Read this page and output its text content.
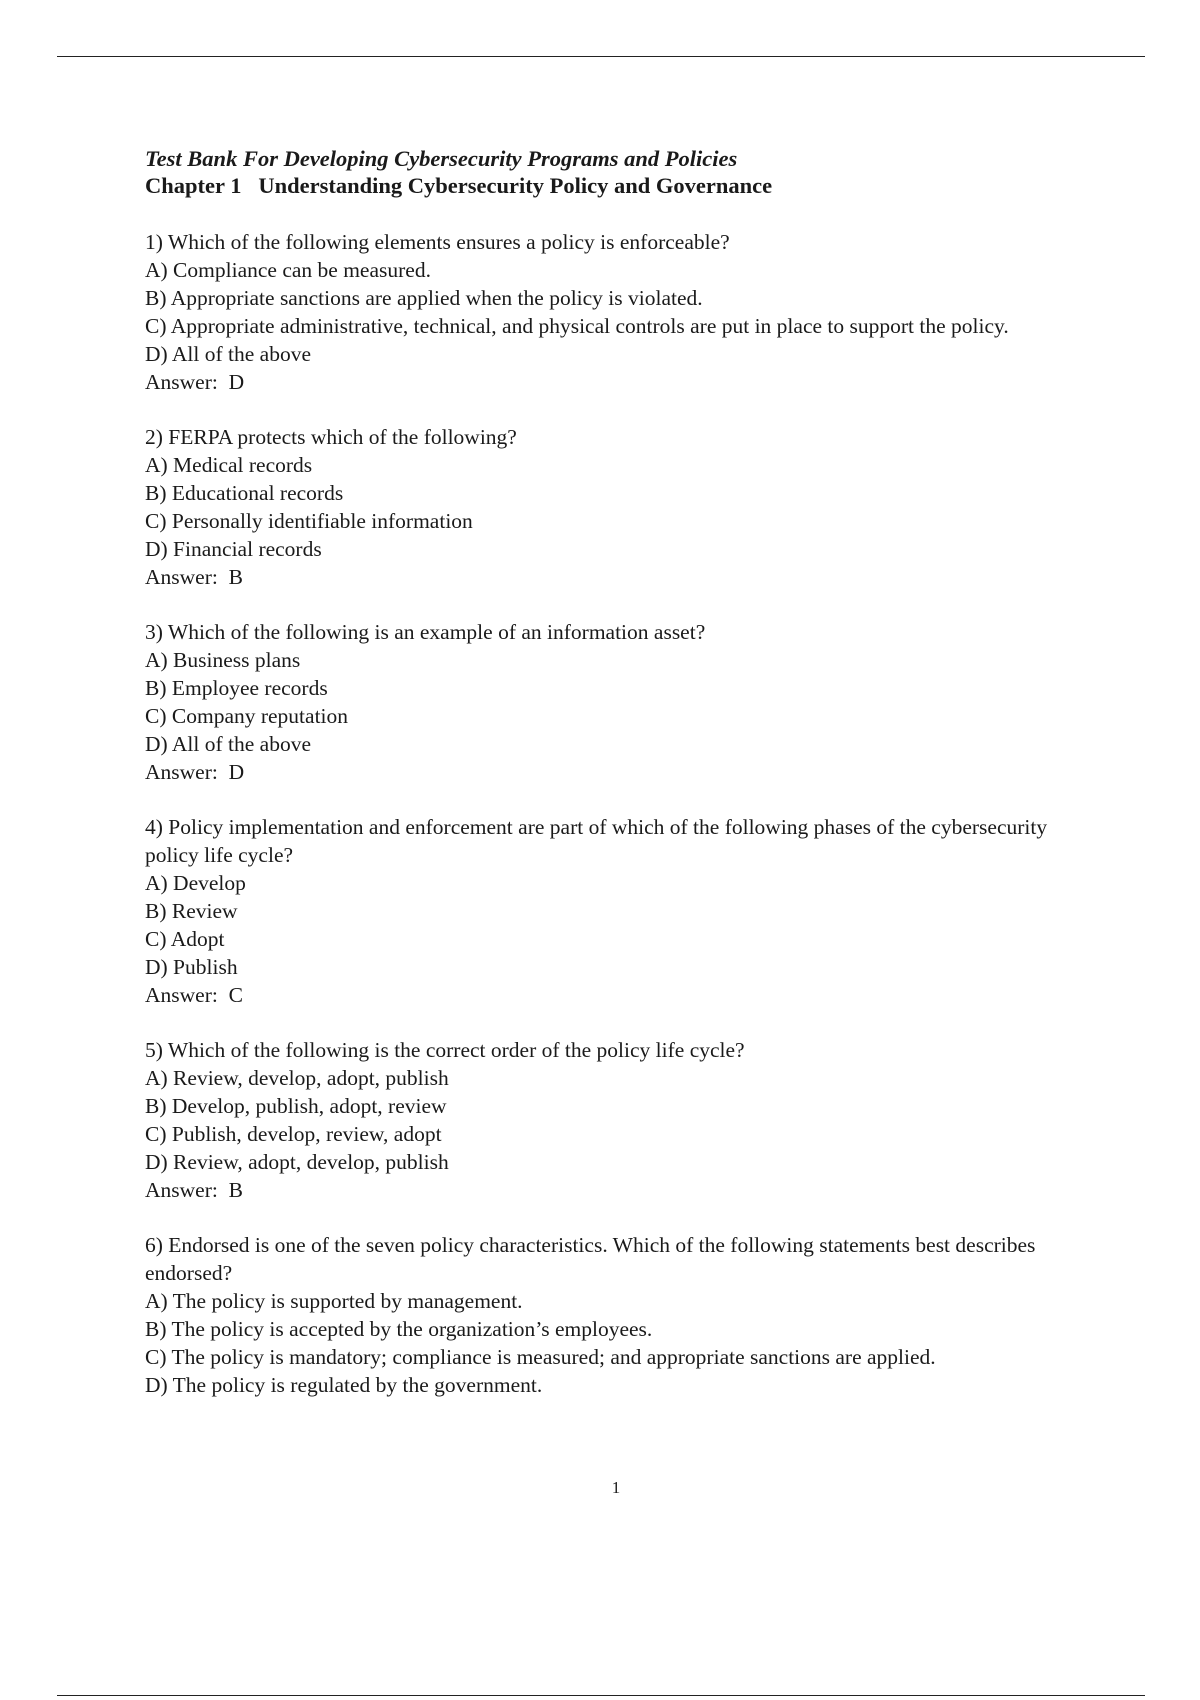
Test Bank For Developing Cybersecurity Programs and Policies

Chapter 1   Understanding Cybersecurity Policy and Governance

1) Which of the following elements ensures a policy is enforceable?

A) Compliance can be measured.

B) Appropriate sanctions are applied when the policy is violated.

C) Appropriate administrative, technical, and physical controls are put in place to support the policy.

D) All of the above

Answer:  D

2) FERPA protects which of the following?

A) Medical records

B) Educational records

C) Personally identifiable information

D) Financial records

Answer:  B

3) Which of the following is an example of an information asset?

A) Business plans

B) Employee records

C) Company reputation

D) All of the above

Answer:  D

4) Policy implementation and enforcement are part of which of the following phases of the cybersecurity policy life cycle?

A) Develop

B) Review

C) Adopt

D) Publish

Answer:  C

5) Which of the following is the correct order of the policy life cycle?

A) Review, develop, adopt, publish

B) Develop, publish, adopt, review

C) Publish, develop, review, adopt

D) Review, adopt, develop, publish

Answer:  B

6) Endorsed is one of the seven policy characteristics. Which of the following statements best describes endorsed?

A) The policy is supported by management.

B) The policy is accepted by the organization’s employees.

C) The policy is mandatory; compliance is measured; and appropriate sanctions are applied.

D) The policy is regulated by the government.

1
